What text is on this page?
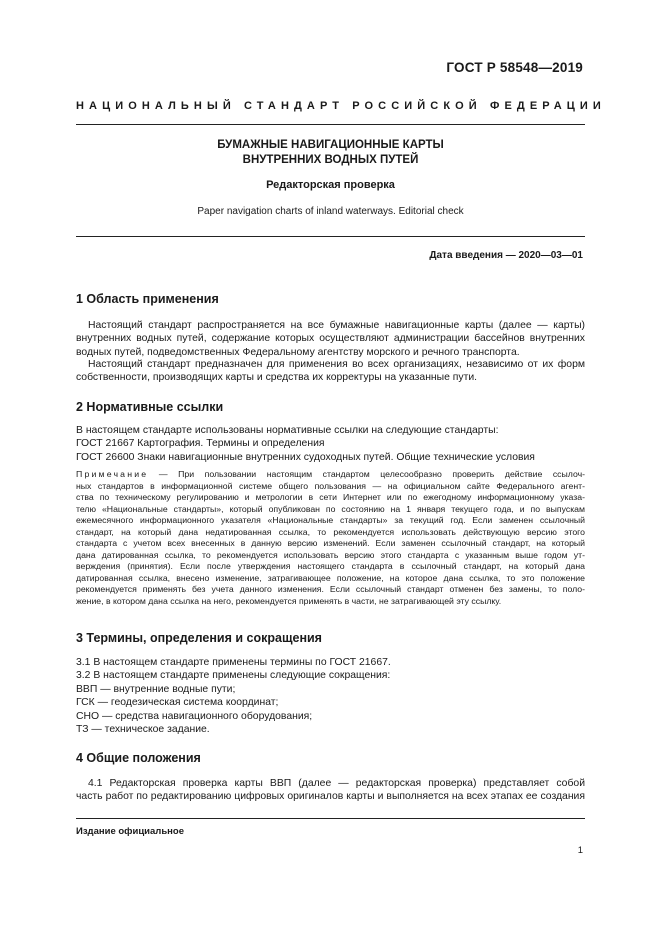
ГОСТ Р 58548—2019
НАЦИОНАЛЬНЫЙ СТАНДАРТ РОССИЙСКОЙ ФЕДЕРАЦИИ
БУМАЖНЫЕ НАВИГАЦИОННЫЕ КАРТЫ
ВНУТРЕННИХ ВОДНЫХ ПУТЕЙ
Редакторская проверка
Paper navigation charts of inland waterways. Editorial check
Дата введения — 2020—03—01
1 Область применения
Настоящий стандарт распространяется на все бумажные навигационные карты (далее — карты)
внутренних водных путей, содержание которых осуществляют администрации бассейнов внутренних
водных путей, подведомственных Федеральному агентству морского и речного транспорта.
Настоящий стандарт предназначен для применения во всех организациях, независимо от их форм
собственности, производящих карты и средства их корректуры на указанные пути.
2 Нормативные ссылки
В настоящем стандарте использованы нормативные ссылки на следующие стандарты:
ГОСТ 21667 Картография. Термины и определения
ГОСТ 26600 Знаки навигационные внутренних судоходных путей. Общие технические условия
Примечание — При пользовании настоящим стандартом целесообразно проверить действие ссылоч-
ных стандартов в информационной системе общего пользования — на официальном сайте Федерального агент-
ства по техническому регулированию и метрологии в сети Интернет или по ежегодному информационному указа-
телю «Национальные стандарты», который опубликован по состоянию на 1 января текущего года, и по выпускам
ежемесячного информационного указателя «Национальные стандарты» за текущий год. Если заменен ссылочный
стандарт, на который дана недатированная ссылка, то рекомендуется использовать действующую версию этого
стандарта с учетом всех внесенных в данную версию изменений. Если заменен ссылочный стандарт, на который
дана датированная ссылка, то рекомендуется использовать версию этого стандарта с указанным выше годом ут-
верждения (принятия). Если после утверждения настоящего стандарта в ссылочный стандарт, на который дана
датированная ссылка, внесено изменение, затрагивающее положение, на которое дана ссылка, то это положение
рекомендуется применять без учета данного изменения. Если ссылочный стандарт отменен без замены, то поло-
жение, в котором дана ссылка на него, рекомендуется применять в части, не затрагивающей эту ссылку.
3 Термины, определения и сокращения
3.1 В настоящем стандарте применены термины по ГОСТ 21667.
3.2 В настоящем стандарте применены следующие сокращения:
ВВП — внутренние водные пути;
ГСК — геодезическая система координат;
СНО — средства навигационного оборудования;
ТЗ — техническое задание.
4 Общие положения
4.1 Редакторская проверка карты ВВП (далее — редакторская проверка) представляет собой
часть работ по редактированию цифровых оригиналов карты и выполняется на всех этапах ее создания
Издание официальное
1
